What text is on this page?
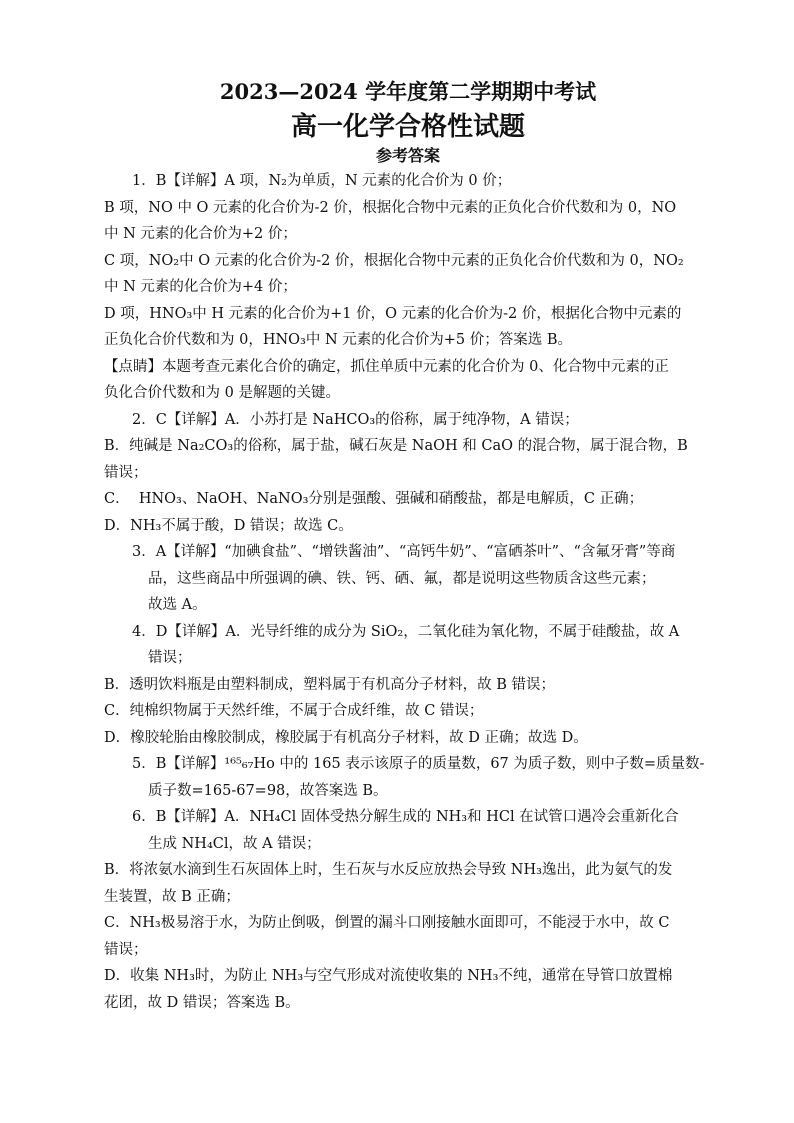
2023—2024 学年度第二学期期中考试
高一化学合格性试题
参考答案

1．B【详解】A 项，N₂为单质，N 元素的化合价为 0 价；

B 项，NO 中 O 元素的化合价为-2 价，根据化合物中元素的正负化合价代数和为 0，NO

中 N 元素的化合价为+2 价；

C 项，NO₂中 O 元素的化合价为-2 价，根据化合物中元素的正负化合价代数和为 0，NO₂

中 N 元素的化合价为+4 价；

D 项，HNO₃中 H 元素的化合价为+1 价，O 元素的化合价为-2 价，根据化合物中元素的

正负化合价代数和为 0，HNO₃中 N 元素的化合价为+5 价；答案选 B。

【点睛】本题考查元素化合价的确定，抓住单质中元素的化合价为 0、化合物中元素的正

负化合价代数和为 0 是解题的关键。

2．C【详解】A．小苏打是 NaHCO₃的俗称，属于纯净物，A 错误；

B．纯碱是 Na₂CO₃的俗称，属于盐，碱石灰是 NaOH 和 CaO 的混合物，属于混合物，B

错误；

C．  HNO₃、NaOH、NaNO₃分别是强酸、强碱和硝酸盐，都是电解质，C 正确；

D．NH₃不属于酸，D 错误；故选 C。

3．A【详解】“加碘食盐”、“增铁酱油”、“高钙牛奶”、“富硒茶叶”、“含氟牙膏”等商

品，这些商品中所强调的碘、铁、钙、硒、氟，都是说明这些物质含这些元素；

故选 A。

4．D【详解】A．光导纤维的成分为 SiO₂，二氧化硅为氧化物，不属于硅酸盐，故 A

错误；

B．透明饮料瓶是由塑料制成，塑料属于有机高分子材料，故 B 错误；

C．纯棉织物属于天然纤维，不属于合成纤维，故 C 错误；

D．橡胶轮胎由橡胶制成，橡胶属于有机高分子材料，故 D 正确；故选 D。

5．B【详解】¹⁶⁵₆₇Ho 中的 165 表示该原子的质量数，67 为质子数，则中子数=质量数-

质子数=165-67=98，故答案选 B。

6．B【详解】A．NH₄Cl 固体受热分解生成的 NH₃和 HCl 在试管口遇冷会重新化合

生成 NH₄Cl，故 A 错误；

B．将浓氨水滴到生石灰固体上时，生石灰与水反应放热会导致 NH₃逸出，此为氨气的发

生装置，故 B 正确；

C．NH₃极易溶于水，为防止倒吸，倒置的漏斗口刚接触水面即可，不能浸于水中，故 C

错误；

D．收集 NH₃时，为防止 NH₃与空气形成对流使收集的 NH₃不纯，通常在导管口放置棉

花团，故 D 错误；答案选 B。
